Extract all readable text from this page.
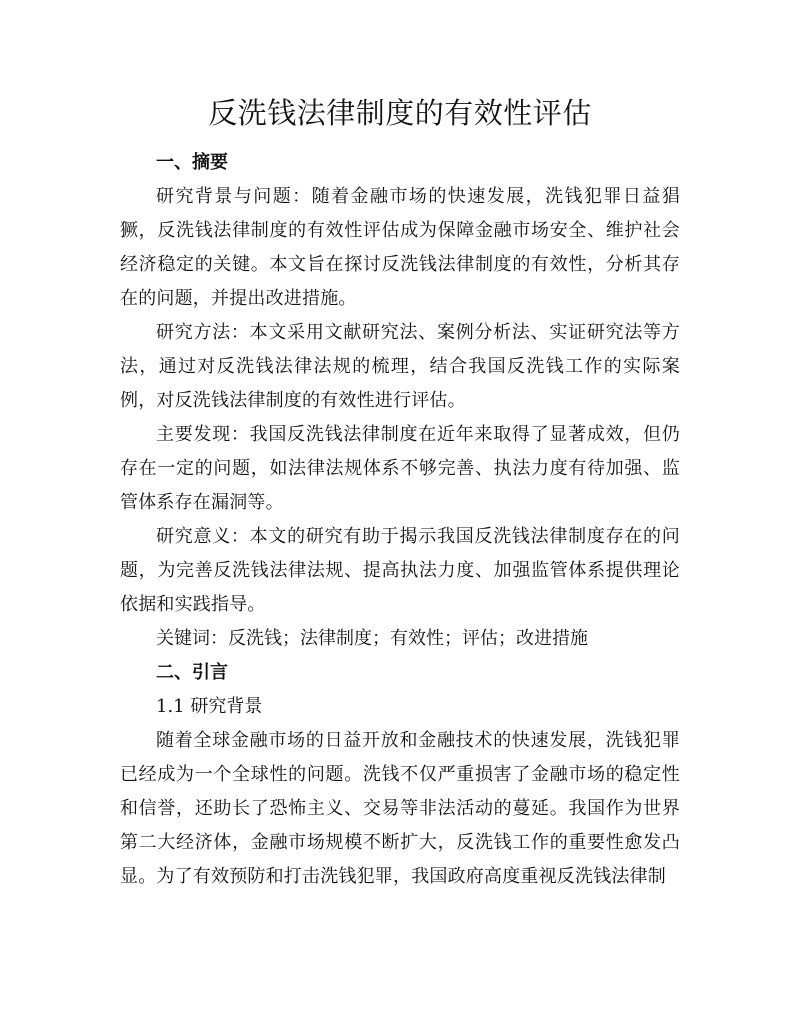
反洗钱法律制度的有效性评估

一、摘要

研究背景与问题：随着金融市场的快速发展，洗钱犯罪日益猖獗，反洗钱法律制度的有效性评估成为保障金融市场安全、维护社会经济稳定的关键。本文旨在探讨反洗钱法律制度的有效性，分析其存在的问题，并提出改进措施。

研究方法：本文采用文献研究法、案例分析法、实证研究法等方法，通过对反洗钱法律法规的梳理，结合我国反洗钱工作的实际案例，对反洗钱法律制度的有效性进行评估。

主要发现：我国反洗钱法律制度在近年来取得了显著成效，但仍存在一定的问题，如法律法规体系不够完善、执法力度有待加强、监管体系存在漏洞等。

研究意义：本文的研究有助于揭示我国反洗钱法律制度存在的问题，为完善反洗钱法律法规、提高执法力度、加强监管体系提供理论依据和实践指导。

关键词：反洗钱；法律制度；有效性；评估；改进措施

二、引言

1.1 研究背景

随着全球金融市场的日益开放和金融技术的快速发展，洗钱犯罪已经成为一个全球性的问题。洗钱不仅严重损害了金融市场的稳定性和信誉，还助长了恐怖主义、交易等非法活动的蔓延。我国作为世界第二大经济体，金融市场规模不断扩大，反洗钱工作的重要性愈发凸显。为了有效预防和打击洗钱犯罪，我国政府高度重视反洗钱法律制
